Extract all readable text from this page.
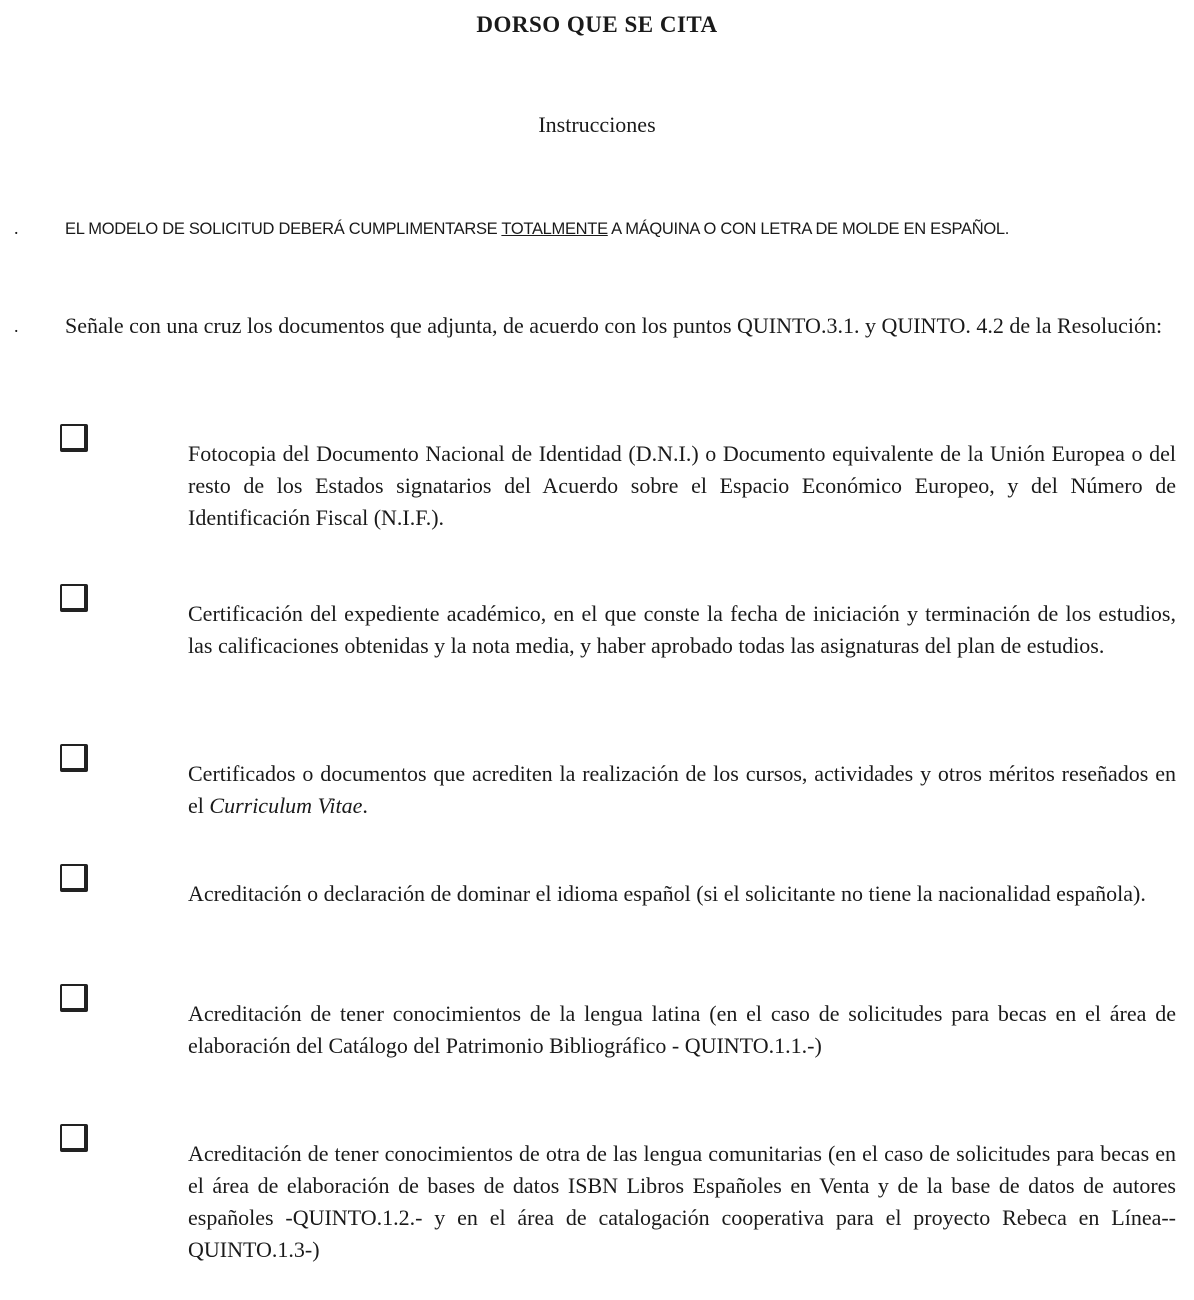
DORSO QUE SE CITA
Instrucciones
.	EL MODELO DE SOLICITUD DEBERÁ CUMPLIMENTARSE TOTALMENTE A MÁQUINA O CON LETRA DE MOLDE EN ESPAÑOL.
. Señale con una cruz los documentos que adjunta, de acuerdo con los puntos QUINTO.3.1. y QUINTO. 4.2 de la Resolución:
Fotocopia del Documento Nacional de Identidad (D.N.I.) o Documento equivalente de la Unión Europea o del resto de los Estados signatarios del Acuerdo sobre el Espacio Económico Europeo, y del Número de Identificación Fiscal (N.I.F.).
Certificación del expediente académico, en el que conste la fecha de iniciación y terminación de los estudios, las calificaciones obtenidas y la nota media, y haber aprobado todas las asignaturas del plan de estudios.
Certificados o documentos que acrediten la realización de los cursos, actividades y otros méritos reseñados en el Curriculum Vitae.
Acreditación o declaración de dominar el idioma español (si el solicitante no tiene la nacionalidad española).
Acreditación de tener conocimientos de la lengua latina (en el caso de solicitudes para becas en el área de elaboración del Catálogo del Patrimonio Bibliográfico - QUINTO.1.1.-)
Acreditación de tener conocimientos de otra de las lengua comunitarias (en el caso de solicitudes para becas en el área de elaboración de bases de datos ISBN Libros Españoles en Venta y de la base de datos de autores españoles -QUINTO.1.2.- y en el área de catalogación cooperativa para el proyecto Rebeca en Línea--QUINTO.1.3-)
